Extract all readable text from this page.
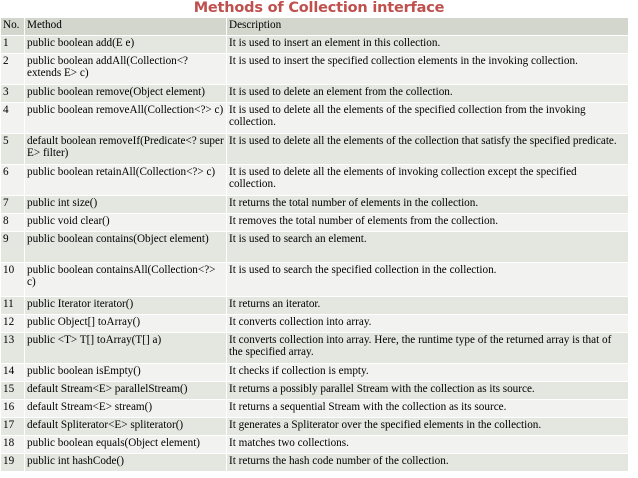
Methods of Collection interface
No.	Method	Description
1	public boolean add(E e)	It is used to insert an element in this collection.
2	public boolean addAll(Collection<? extends E> c)	It is used to insert the specified collection elements in the invoking collection.
3	public boolean remove(Object element)	It is used to delete an element from the collection.
4	public boolean removeAll(Collection<?> c)	It is used to delete all the elements of the specified collection from the invoking collection.
5	default boolean removeIf(Predicate<? super E> filter)	It is used to delete all the elements of the collection that satisfy the specified predicate.
6	public boolean retainAll(Collection<?> c)	It is used to delete all the elements of invoking collection except the specified collection.
7	public int size()	It returns the total number of elements in the collection.
8	public void clear()	It removes the total number of elements from the collection.
9	public boolean contains(Object element)	It is used to search an element.
10	public boolean containsAll(Collection<?> c)	It is used to search the specified collection in the collection.
11	public Iterator iterator()	It returns an iterator.
12	public Object[] toArray()	It converts collection into array.
13	public <T> T[] toArray(T[] a)	It converts collection into array. Here, the runtime type of the returned array is that of the specified array.
14	public boolean isEmpty()	It checks if collection is empty.
15	default Stream<E> parallelStream()	It returns a possibly parallel Stream with the collection as its source.
16	default Stream<E> stream()	It returns a sequential Stream with the collection as its source.
17	default Spliterator<E> spliterator()	It generates a Spliterator over the specified elements in the collection.
18	public boolean equals(Object element)	It matches two collections.
19	public int hashCode()	It returns the hash code number of the collection.
